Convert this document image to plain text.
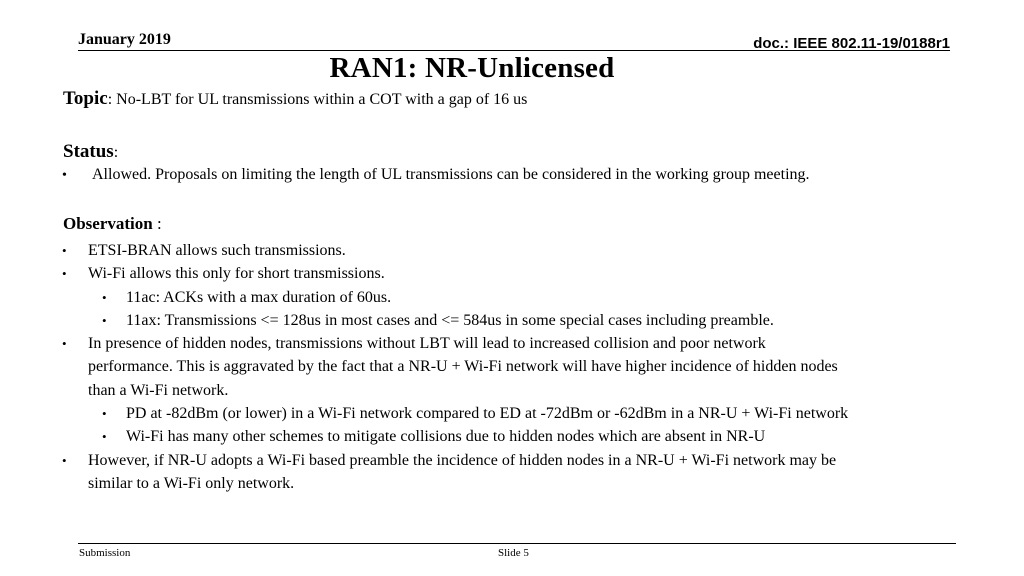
January 2019	doc.: IEEE 802.11-19/0188r1
RAN1: NR-Unlicensed
Topic: No-LBT for UL transmissions within a COT with a gap of 16 us
Status:
• Allowed. Proposals on limiting the length of UL transmissions can be considered in the working group meeting.
Observation :
•	ETSI-BRAN allows such transmissions.
•	Wi-Fi allows this only for short transmissions.
•	11ac: ACKs with a max duration of 60us.
•	11ax: Transmissions <= 128us in most cases and <= 584us in some special cases including preamble.
•	In presence of hidden nodes, transmissions without LBT will lead to increased collision and poor network
performance. This is aggravated by the fact that a NR-U + Wi-Fi network will have higher incidence of hidden nodes
than a Wi-Fi network.
•	PD at -82dBm (or lower) in a Wi-Fi network compared to ED at -72dBm or -62dBm in a NR-U + Wi-Fi network
•	Wi-Fi has many other schemes to mitigate collisions due to hidden nodes which are absent in NR-U
•	However, if NR-U adopts a Wi-Fi based preamble the incidence of hidden nodes in a NR-U + Wi-Fi network may be
similar to a Wi-Fi only network.
Submission	Slide 5
